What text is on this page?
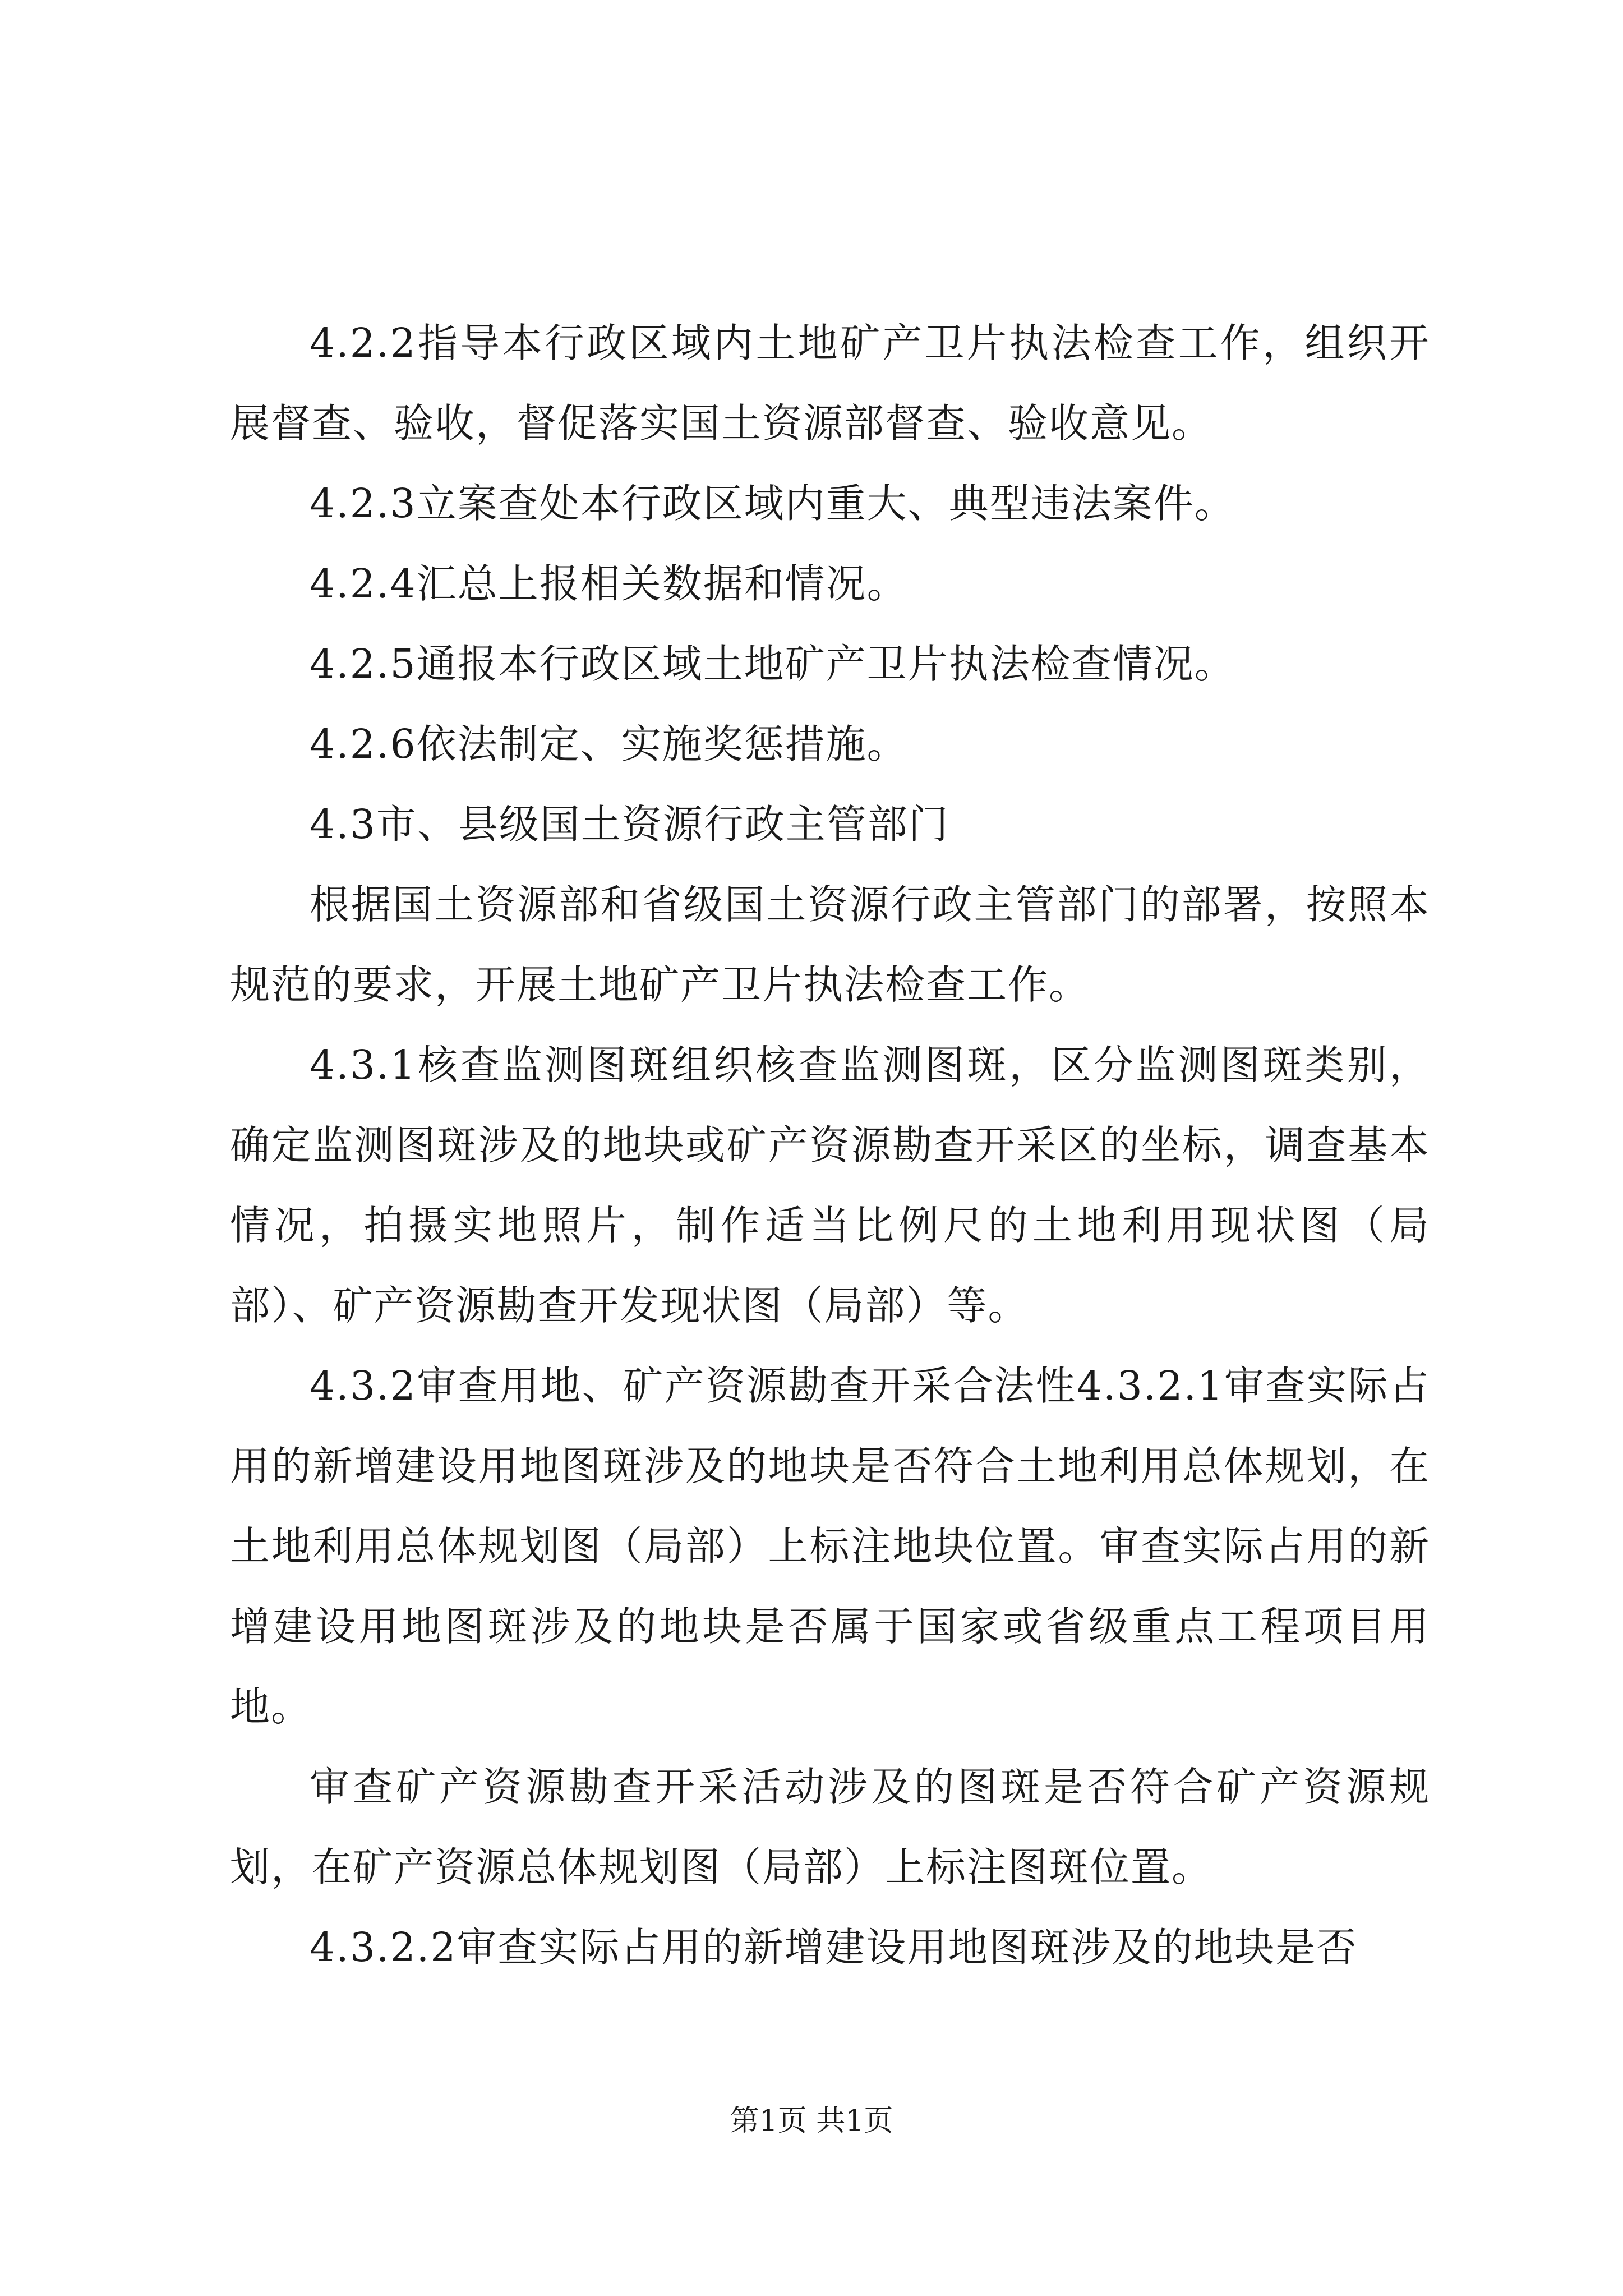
4.2.2指导本行政区域内土地矿产卫片执法检查工作，组织开展督查、验收，督促落实国土资源部督查、验收意见。

4.2.3立案查处本行政区域内重大、典型违法案件。

4.2.4汇总上报相关数据和情况。

4.2.5通报本行政区域土地矿产卫片执法检查情况。

4.2.6依法制定、实施奖惩措施。

4.3市、县级国土资源行政主管部门

根据国土资源部和省级国土资源行政主管部门的部署，按照本规范的要求，开展土地矿产卫片执法检查工作。

4.3.1核查监测图斑组织核查监测图斑，区分监测图斑类别，确定监测图斑涉及的地块或矿产资源勘查开采区的坐标，调查基本情况，拍摄实地照片，制作适当比例尺的土地利用现状图（局部）、矿产资源勘查开发现状图（局部）等。

4.3.2审查用地、矿产资源勘查开采合法性4.3.2.1审查实际占用的新增建设用地图斑涉及的地块是否符合土地利用总体规划，在土地利用总体规划图（局部）上标注地块位置。审查实际占用的新增建设用地图斑涉及的地块是否属于国家或省级重点工程项目用地。

审查矿产资源勘查开采活动涉及的图斑是否符合矿产资源规划，在矿产资源总体规划图（局部）上标注图斑位置。

4.3.2.2审查实际占用的新增建设用地图斑涉及的地块是否

第1页 共1页
